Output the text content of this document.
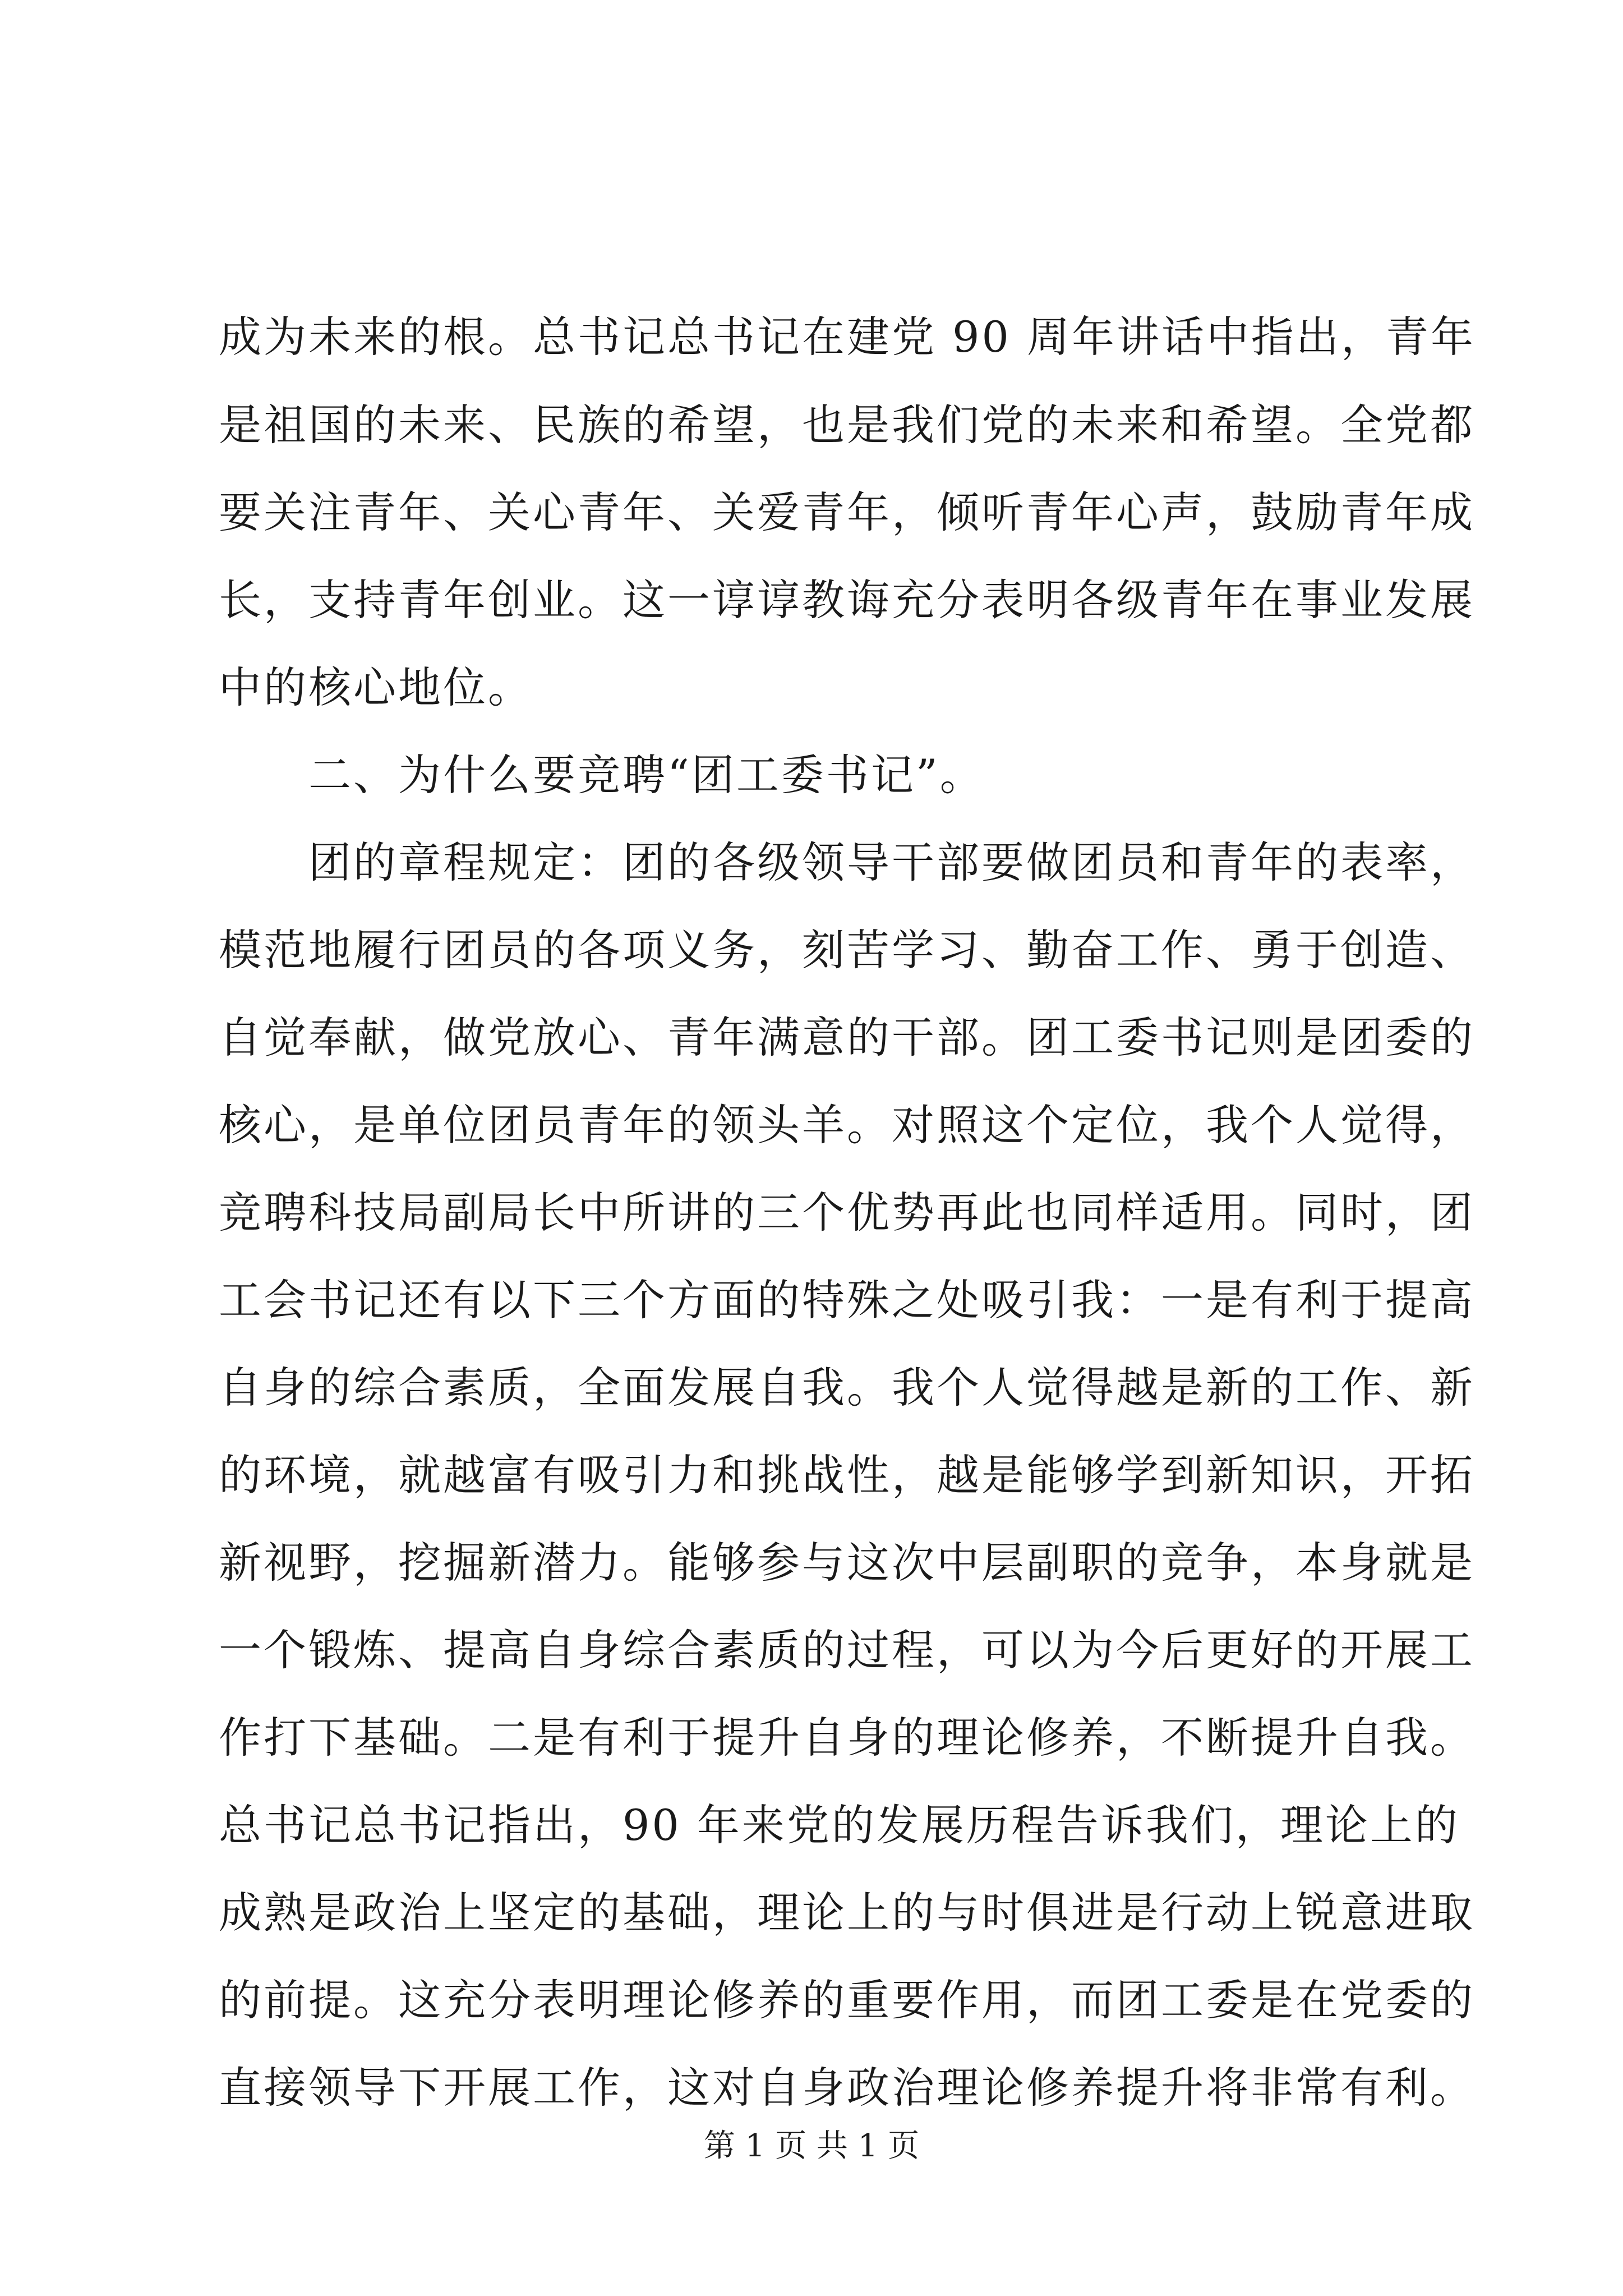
成为未来的根。总书记总书记在建党 90 周年讲话中指出，青年
是祖国的未来、民族的希望，也是我们党的未来和希望。全党都
要关注青年、关心青年、关爱青年，倾听青年心声，鼓励青年成
长，支持青年创业。这一谆谆教诲充分表明各级青年在事业发展
中的核心地位。
　　二、为什么要竞聘“团工委书记”。
　　团的章程规定：团的各级领导干部要做团员和青年的表率，
模范地履行团员的各项义务，刻苦学习、勤奋工作、勇于创造、
自觉奉献，做党放心、青年满意的干部。团工委书记则是团委的
核心，是单位团员青年的领头羊。对照这个定位，我个人觉得，
竞聘科技局副局长中所讲的三个优势再此也同样适用。同时，团
工会书记还有以下三个方面的特殊之处吸引我：一是有利于提高
自身的综合素质，全面发展自我。我个人觉得越是新的工作、新
的环境，就越富有吸引力和挑战性，越是能够学到新知识，开拓
新视野，挖掘新潜力。能够参与这次中层副职的竞争，本身就是
一个锻炼、提高自身综合素质的过程，可以为今后更好的开展工
作打下基础。二是有利于提升自身的理论修养，不断提升自我。
总书记总书记指出，90 年来党的发展历程告诉我们，理论上的
成熟是政治上坚定的基础，理论上的与时俱进是行动上锐意进取
的前提。这充分表明理论修养的重要作用，而团工委是在党委的
直接领导下开展工作，这对自身政治理论修养提升将非常有利。
第 1 页 共 1 页
